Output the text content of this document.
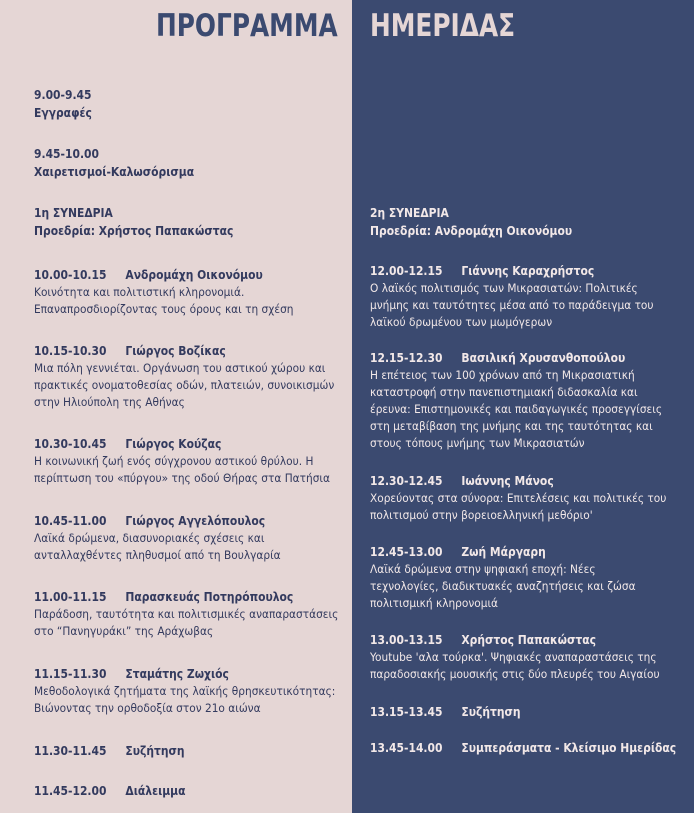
ΠΡΟΓΡΑΜΜΑ ΗΜΕΡΙΔΑΣ
9.00-9.45
Εγγραφές
9.45-10.00
Χαιρετισμοί-Καλωσόρισμα
1η ΣΥΝΕΔΡΙΑ
Προεδρία: Χρήστος Παπακώστας
10.00-10.15 Ανδρομάχη Οικονόμου
Κοινότητα και πολιτιστική κληρονομιά.
Επαναπροσδιορίζοντας τους όρους και τη σχέση
10.15-10.30 Γιώργος Βοζίκας
Μια πόλη γεννιέται. Οργάνωση του αστικού χώρου και
πρακτικές ονοματοθεσίας οδών, πλατειών, συνοικισμών
στην Ηλιούπολη της Αθήνας
10.30-10.45 Γιώργος Κούζας
Η κοινωνική ζωή ενός σύγχρονου αστικού θρύλου. Η
περίπτωση του «πύργου» της οδού Θήρας στα Πατήσια
10.45-11.00 Γιώργος Αγγελόπουλος
Λαϊκά δρώμενα, διασυνοριακές σχέσεις και
ανταλλαχθέντες πληθυσμοί από τη Βουλγαρία
11.00-11.15 Παρασκευάς Ποτηρόπουλος
Παράδοση, ταυτότητα και πολιτισμικές αναπαραστάσεις
στο “Πανηγυράκι” της Αράχωβας
11.15-11.30 Σταμάτης Ζωχιός
Μεθοδολογικά ζητήματα της λαϊκής θρησκευτικότητας:
Βιώνοντας την ορθοδοξία στον 21ο αιώνα
11.30-11.45 Συζήτηση
11.45-12.00 Διάλειμμα
2η ΣΥΝΕΔΡΙΑ
Προεδρία: Ανδρομάχη Οικονόμου
12.00-12.15 Γιάννης Καραχρήστος
Ο λαϊκός πολιτισμός των Μικρασιατών: Πολιτικές
μνήμης και ταυτότητες μέσα από το παράδειγμα του
λαϊκού δρωμένου των μωμόγερων
12.15-12.30 Βασιλική Χρυσανθοπούλου
Η επέτειος των 100 χρόνων από τη Μικρασιατική
καταστροφή στην πανεπιστημιακή διδασκαλία και
έρευνα: Επιστημονικές και παιδαγωγικές προσεγγίσεις
στη μεταβίβαση της μνήμης και της ταυτότητας και
στους τόπους μνήμης των Μικρασιατών
12.30-12.45 Ιωάννης Μάνος
Χορεύοντας στα σύνορα: Επιτελέσεις και πολιτικές του
πολιτισμού στην βορειοελληνική μεθόριο'
12.45-13.00 Ζωή Μάργαρη
Λαϊκά δρώμενα στην ψηφιακή εποχή: Νέες
τεχνολογίες, διαδικτυακές αναζητήσεις και ζώσα
πολιτισμική κληρονομιά
13.00-13.15 Χρήστος Παπακώστας
Youtube 'αλα τούρκα'. Ψηφιακές αναπαραστάσεις της
παραδοσιακής μουσικής στις δύο πλευρές του Αιγαίου
13.15-13.45 Συζήτηση
13.45-14.00 Συμπεράσματα - Κλείσιμο Ημερίδας
